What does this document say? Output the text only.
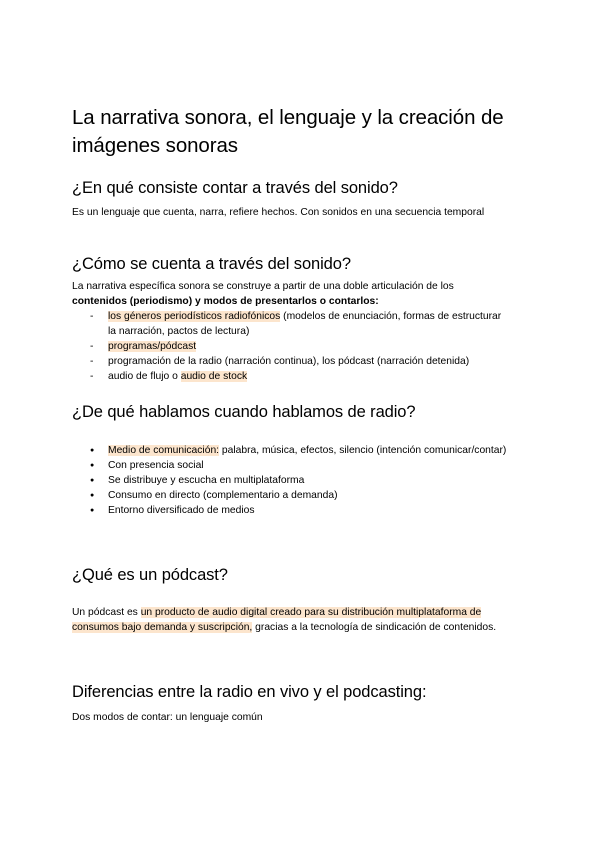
La narrativa sonora, el lenguaje y la creación de imágenes sonoras
¿En qué consiste contar a través del sonido?

Es un lenguaje que cuenta, narra, refiere hechos. Con sonidos en una secuencia temporal

¿Cómo se cuenta a través del sonido?

La narrativa específica sonora se construye a partir de una doble articulación de los
contenidos (periodismo) y modos de presentarlos o contarlos:

- los géneros periodísticos radiofónicos (modelos de enunciación, formas de estructurar la narración, pactos de lectura)
- programas/pódcast
- programación de la radio (narración continua), los pódcast (narración detenida)
- audio de flujo o audio de stock
¿De qué hablamos cuando hablamos de radio?
● Medio de comunicación: palabra, música, efectos, silencio (intención comunicar/contar)
● Con presencia social
● Se distribuye y escucha en multiplataforma
● Consumo en directo (complementario a demanda)
● Entorno diversificado de medios
¿Qué es un pódcast?

Un pódcast es un producto de audio digital creado para su distribución multiplataforma de consumos bajo demanda y suscripción, gracias a la tecnología de sindicación de contenidos.

Diferencias entre la radio en vivo y el podcasting:

Dos modos de contar: un lenguaje común
